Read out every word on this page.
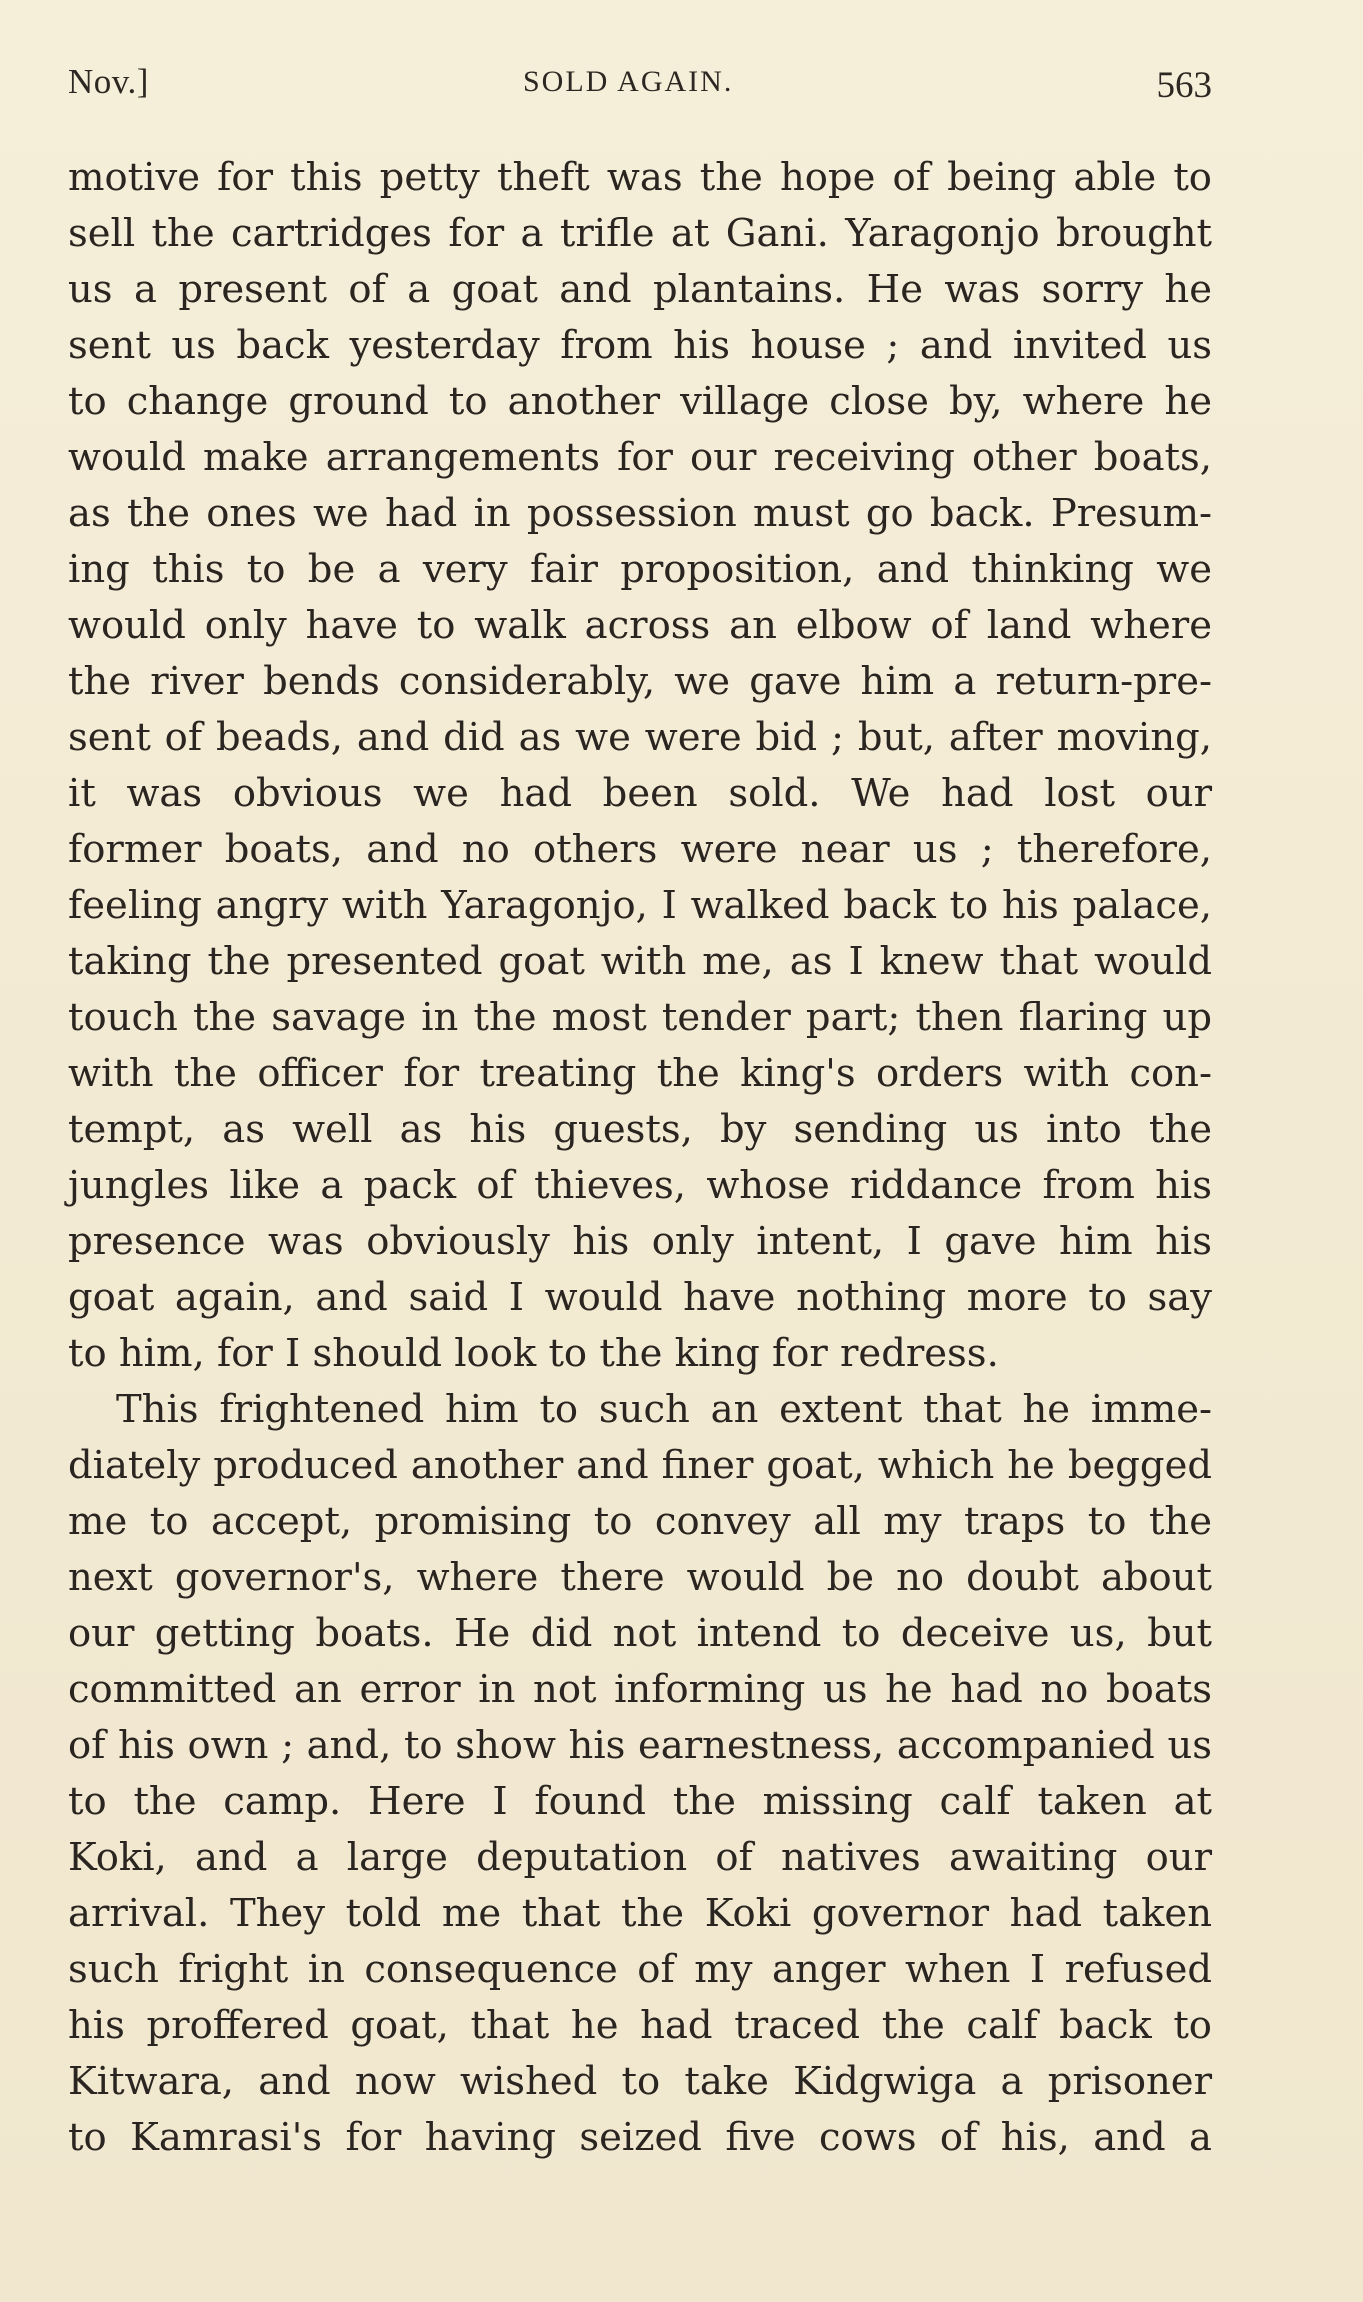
Nov.]	SOLD AGAIN.	563
motive for this petty theft was the hope of being able to
sell the cartridges for a trifle at Gani. Yaragonjo brought
us a present of a goat and plantains. He was sorry he
sent us back yesterday from his house ; and invited us
to change ground to another village close by, where he
would make arrangements for our receiving other boats,
as the ones we had in possession must go back. Presum-
ing this to be a very fair proposition, and thinking we
would only have to walk across an elbow of land where
the river bends considerably, we gave him a return-pre-
sent of beads, and did as we were bid ; but, after moving,
it was obvious we had been sold. We had lost our
former boats, and no others were near us ; therefore,
feeling angry with Yaragonjo, I walked back to his palace,
taking the presented goat with me, as I knew that would
touch the savage in the most tender part; then flaring up
with the officer for treating the king's orders with con-
tempt, as well as his guests, by sending us into the
jungles like a pack of thieves, whose riddance from his
presence was obviously his only intent, I gave him his
goat again, and said I would have nothing more to say
to him, for I should look to the king for redress.
This frightened him to such an extent that he imme-
diately produced another and finer goat, which he begged
me to accept, promising to convey all my traps to the
next governor's, where there would be no doubt about
our getting boats. He did not intend to deceive us, but
committed an error in not informing us he had no boats
of his own ; and, to show his earnestness, accompanied us
to the camp. Here I found the missing calf taken at
Koki, and a large deputation of natives awaiting our
arrival. They told me that the Koki governor had taken
such fright in consequence of my anger when I refused
his proffered goat, that he had traced the calf back to
Kitwara, and now wished to take Kidgwiga a prisoner
to Kamrasi's for having seized five cows of his, and a
